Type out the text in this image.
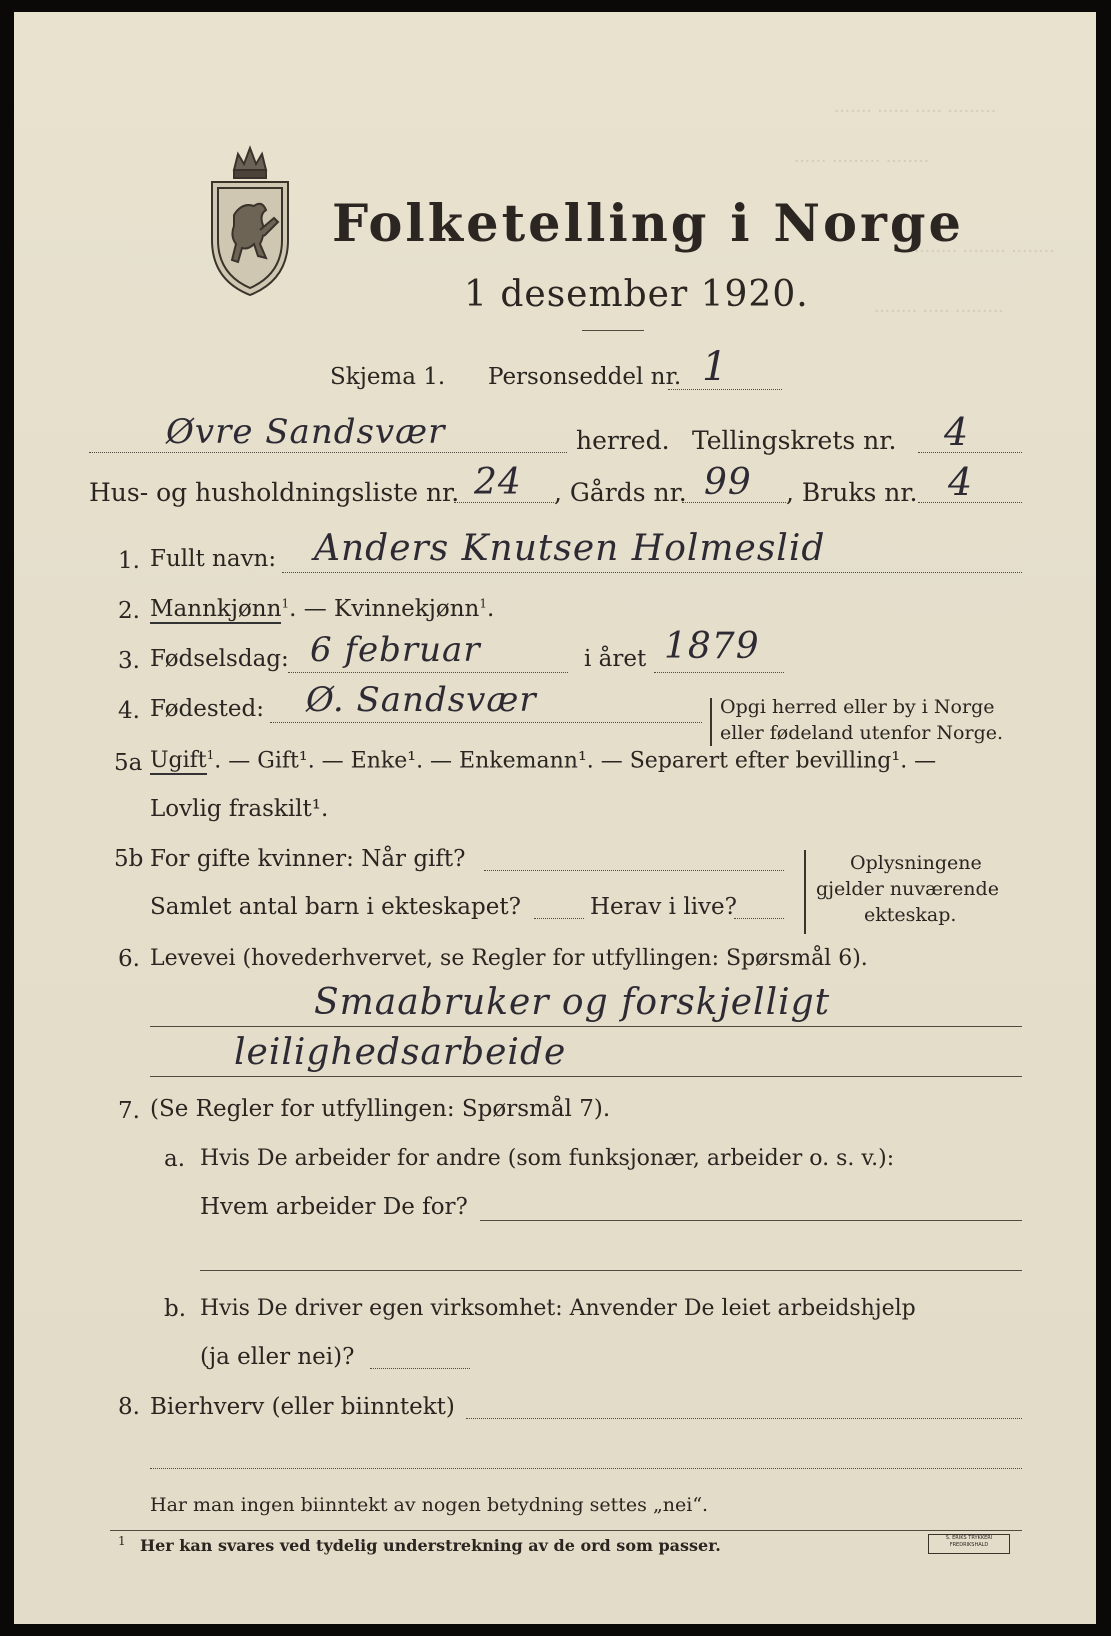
······· ······ ····· ·········
······ ········· ········
········ ········ ········
········ ····· ·········
Folketelling i Norge
1 desember 1920.
Skjema 1. Personseddel nr. 1
Øvre Sandsvær	herred. Tellingskrets nr. 4
Hus- og husholdningsliste nr. 24 , Gårds nr. 99 , Bruks nr. 4
1. Fullt navn: Anders Knutsen Holmeslid
2. Mannkjønn$^1$. — Kvinnekjønn$^1$.
3. Fødselsdag: 6 februar	i året 1879
4. Fødested: Ø. Sandsvær	Opgi herred eller by i Norge
eller fødeland utenfor Norge.
5a Ugift$^1$. — Gift¹. — Enke¹. — Enkemann¹. — Separert efter bevilling¹. —
Lovlig fraskilt¹.
5b For gifte kvinner: Når gift?
Samlet antal barn i ekteskapet?	Herav i live?
Oplysningene
gjelder nuværende
ekteskap.
6. Levevei (hovederhvervet, se Regler for utfyllingen: Spørsmål 6).
Smaabruker og forskjelligt
leilighedsarbeide
7. (Se Regler for utfyllingen: Spørsmål 7).
a. Hvis De arbeider for andre (som funksjonær, arbeider o. s. v.):
Hvem arbeider De for?
b. Hvis De driver egen virksomhet: Anvender De leiet arbeidshjelp
(ja eller nei)?
8. Bierhverv (eller biinntekt)
Har man ingen biinntekt av nogen betydning settes „nei“.
1 Her kan svares ved tydelig understrekning av de ord som passer.	S. ERIKS TRYKKERI
FREDRIKSHALD
